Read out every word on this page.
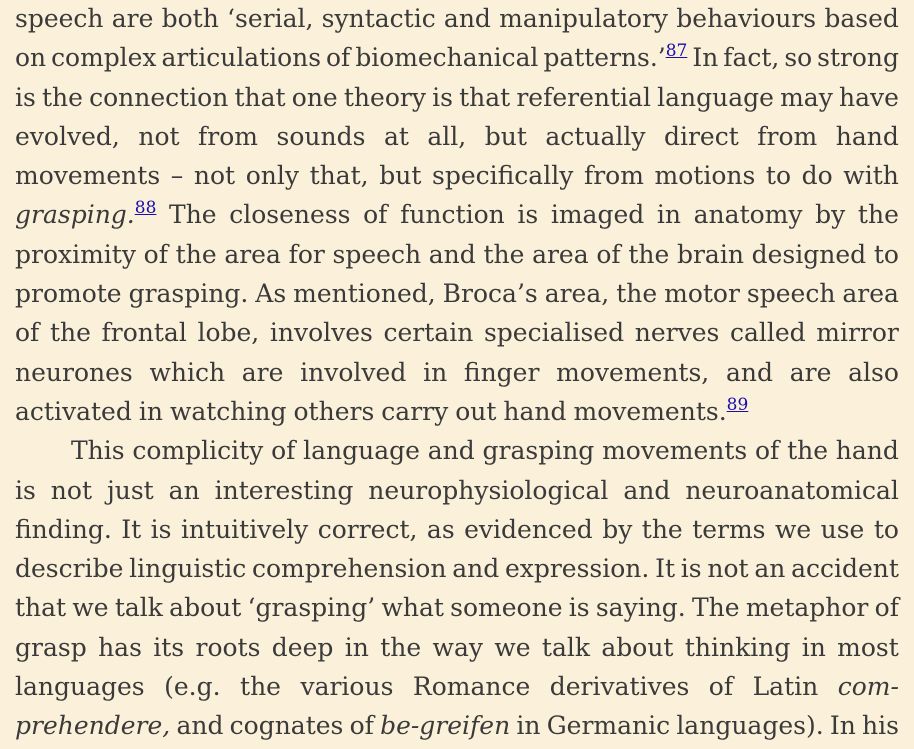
speech are both ‘serial, syntactic and manipulatory behaviours based
on complex articulations of biomechanical patterns.’$^{87}$ In fact, so strong
is the connection that one theory is that referential language may have
evolved, not from sounds at all, but actually direct from hand
movements – not only that, but specifically from motions to do with
grasping.$^{88}$ The closeness of function is imaged in anatomy by the
proximity of the area for speech and the area of the brain designed to
promote grasping. As mentioned, Broca’s area, the motor speech area
of the frontal lobe, involves certain specialised nerves called mirror
neurones which are involved in finger movements, and are also
activated in watching others carry out hand movements.$^{89}$
This complicity of language and grasping movements of the hand
is not just an interesting neurophysiological and neuroanatomical
finding. It is intuitively correct, as evidenced by the terms we use to
describe linguistic comprehension and expression. It is not an accident
that we talk about ‘grasping’ what someone is saying. The metaphor of
grasp has its roots deep in the way we talk about thinking in most
languages (e.g. the various Romance derivatives of Latin com-
prehendere, and cognates of be-greifen in Germanic languages). In his
